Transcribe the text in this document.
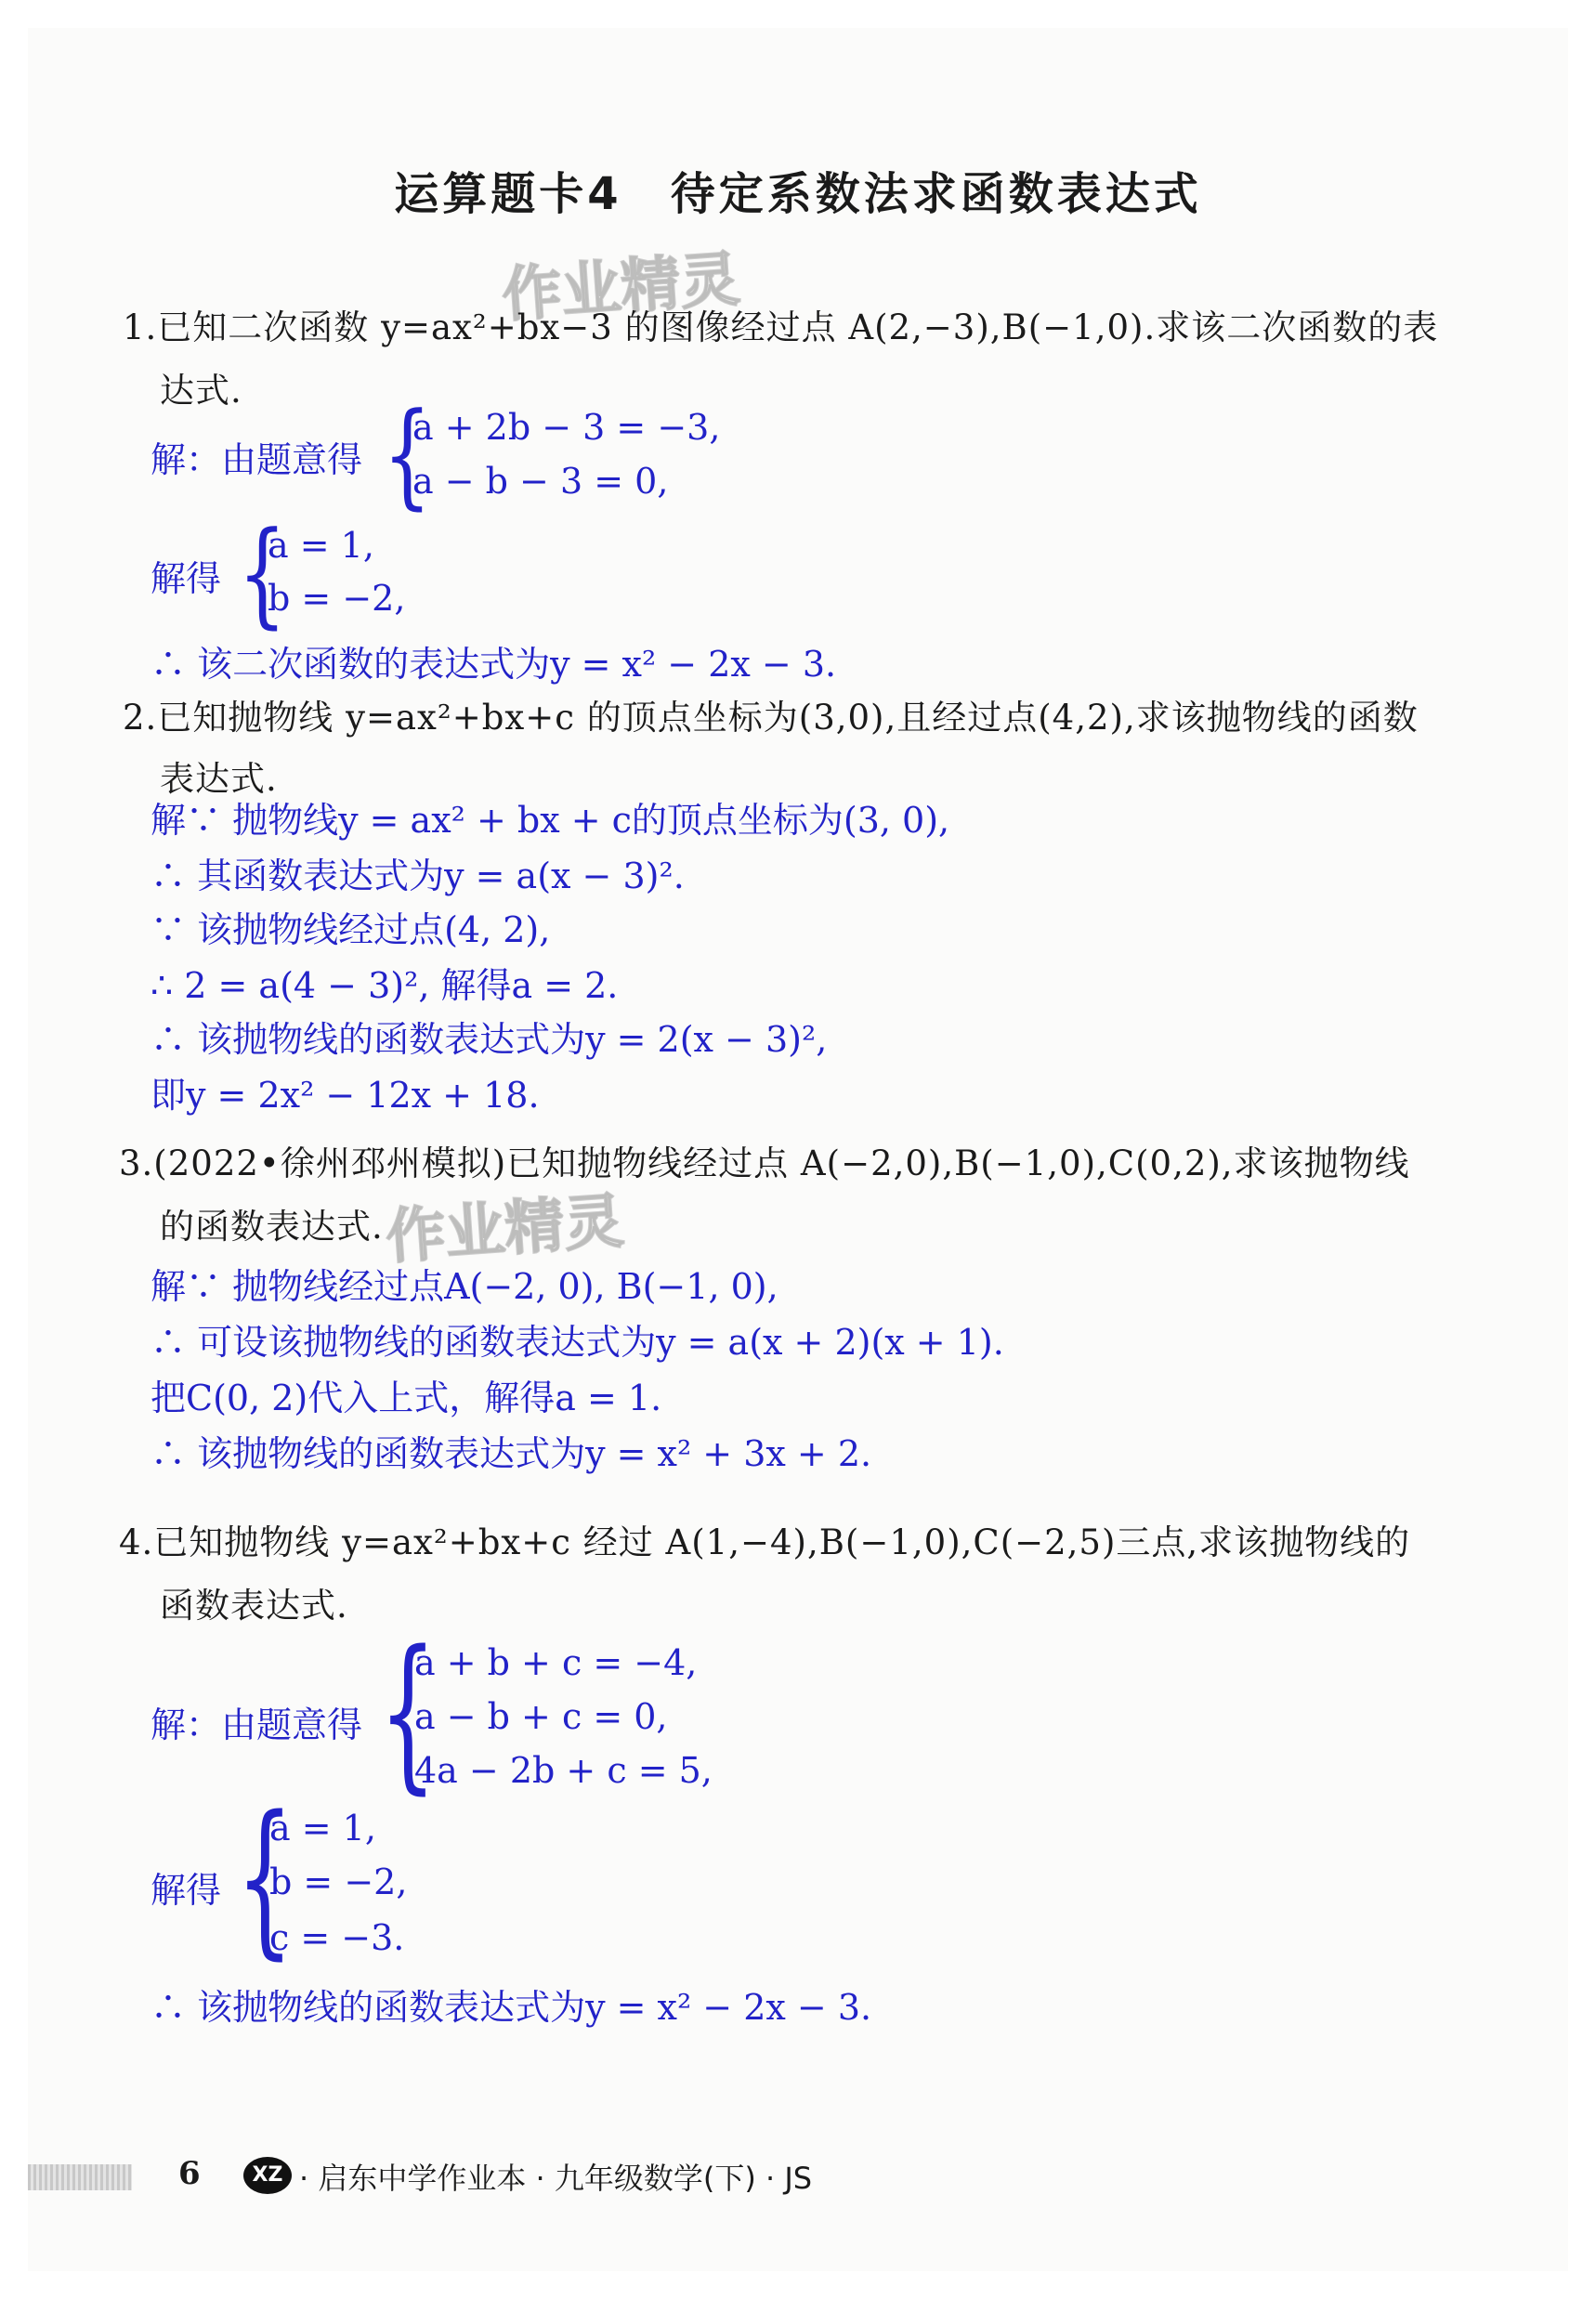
运算题卡4　待定系数法求函数表达式
作业精灵
作业精灵
1.已知二次函数 y=ax²+bx−3 的图像经过点 A(2,−3),B(−1,0).求该二次函数的表
达式.
解：由题意得 {
a + 2b − 3 = −3,
a − b − 3 = 0,
解得 {
a = 1,
b = −2,
∴ 该二次函数的表达式为y = x² − 2x − 3.
2.已知抛物线 y=ax²+bx+c 的顶点坐标为(3,0),且经过点(4,2),求该抛物线的函数
表达式.
解∵ 抛物线y = ax² + bx + c的顶点坐标为(3, 0),
∴ 其函数表达式为y = a(x − 3)².
∵ 该抛物线经过点(4, 2),
∴ 2 = a(4 − 3)², 解得a = 2.
∴ 该抛物线的函数表达式为y = 2(x − 3)²,
即y = 2x² − 12x + 18.
3.(2022•徐州邳州模拟)已知抛物线经过点 A(−2,0),B(−1,0),C(0,2),求该抛物线
的函数表达式.
解∵ 抛物线经过点A(−2, 0), B(−1, 0),
∴ 可设该抛物线的函数表达式为y = a(x + 2)(x + 1).
把C(0, 2)代入上式，解得a = 1.
∴ 该抛物线的函数表达式为y = x² + 3x + 2.
4.已知抛物线 y=ax²+bx+c 经过 A(1,−4),B(−1,0),C(−2,5)三点,求该抛物线的
函数表达式.
解：由题意得 {
a + b + c = −4,
a − b + c = 0,
4a − 2b + c = 5,
解得 {
a = 1,
b = −2,
c = −3.
∴ 该抛物线的函数表达式为y = x² − 2x − 3.
6	XZ · 启东中学作业本 · 九年级数学(下) · JS
